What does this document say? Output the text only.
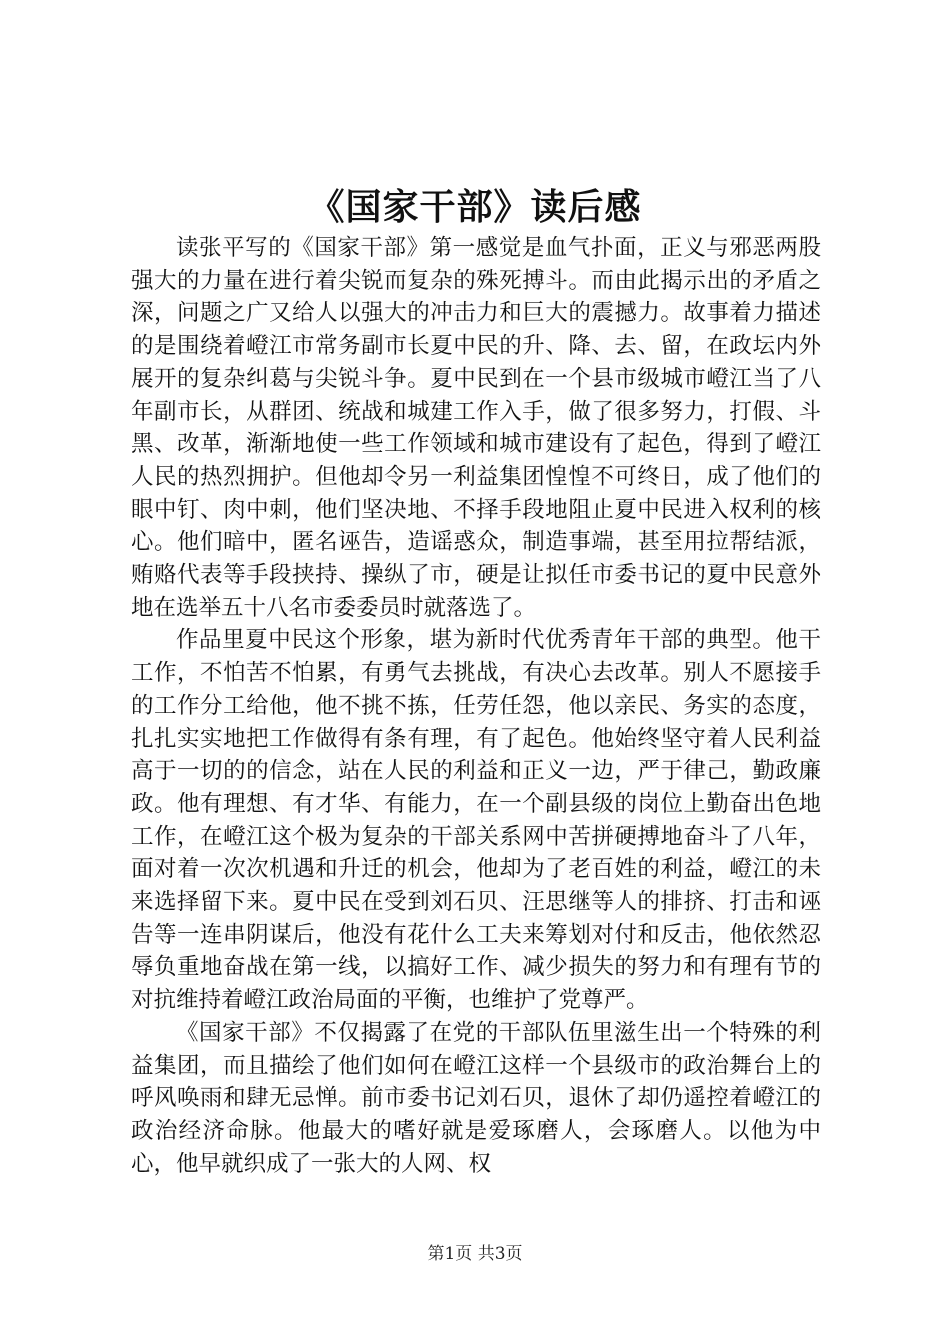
《国家干部》读后感

读张平写的《国家干部》第一感觉是血气扑面，正义与邪恶两股强大的力量在进行着尖锐而复杂的殊死搏斗。而由此揭示出的矛盾之深，问题之广又给人以强大的冲击力和巨大的震撼力。故事着力描述的是围绕着嶝江市常务副市长夏中民的升、降、去、留，在政坛内外展开的复杂纠葛与尖锐斗争。夏中民到在一个县市级城市嶝江当了八年副市长，从群团、统战和城建工作入手，做了很多努力，打假、斗黑、改革，渐渐地使一些工作领域和城市建设有了起色，得到了嶝江人民的热烈拥护。但他却令另一利益集团惶惶不可终日，成了他们的眼中钉、肉中刺，他们坚决地、不择手段地阻止夏中民进入权利的核心。他们暗中，匿名诬告，造谣惑众，制造事端，甚至用拉帮结派，贿赂代表等手段挟持、操纵了市，硬是让拟任市委书记的夏中民意外地在选举五十八名市委委员时就落选了。

作品里夏中民这个形象，堪为新时代优秀青年干部的典型。他干工作，不怕苦不怕累，有勇气去挑战，有决心去改革。别人不愿接手的工作分工给他，他不挑不拣，任劳任怨，他以亲民、务实的态度，扎扎实实地把工作做得有条有理，有了起色。他始终坚守着人民利益高于一切的的信念，站在人民的利益和正义一边，严于律己，勤政廉政。他有理想、有才华、有能力，在一个副县级的岗位上勤奋出色地工作，在嶝江这个极为复杂的干部关系网中苦拼硬搏地奋斗了八年，面对着一次次机遇和升迁的机会，他却为了老百姓的利益，嶝江的未来选择留下来。夏中民在受到刘石贝、汪思继等人的排挤、打击和诬告等一连串阴谋后，他没有花什么工夫来筹划对付和反击，他依然忍辱负重地奋战在第一线，以搞好工作、减少损失的努力和有理有节的对抗维持着嶝江政治局面的平衡，也维护了党尊严。

《国家干部》不仅揭露了在党的干部队伍里滋生出一个特殊的利益集团，而且描绘了他们如何在嶝江这样一个县级市的政治舞台上的呼风唤雨和肆无忌惮。前市委书记刘石贝，退休了却仍遥控着嶝江的政治经济命脉。他最大的嗜好就是爱琢磨人，会琢磨人。以他为中心，他早就织成了一张大的人网、权

第1页 共3页
